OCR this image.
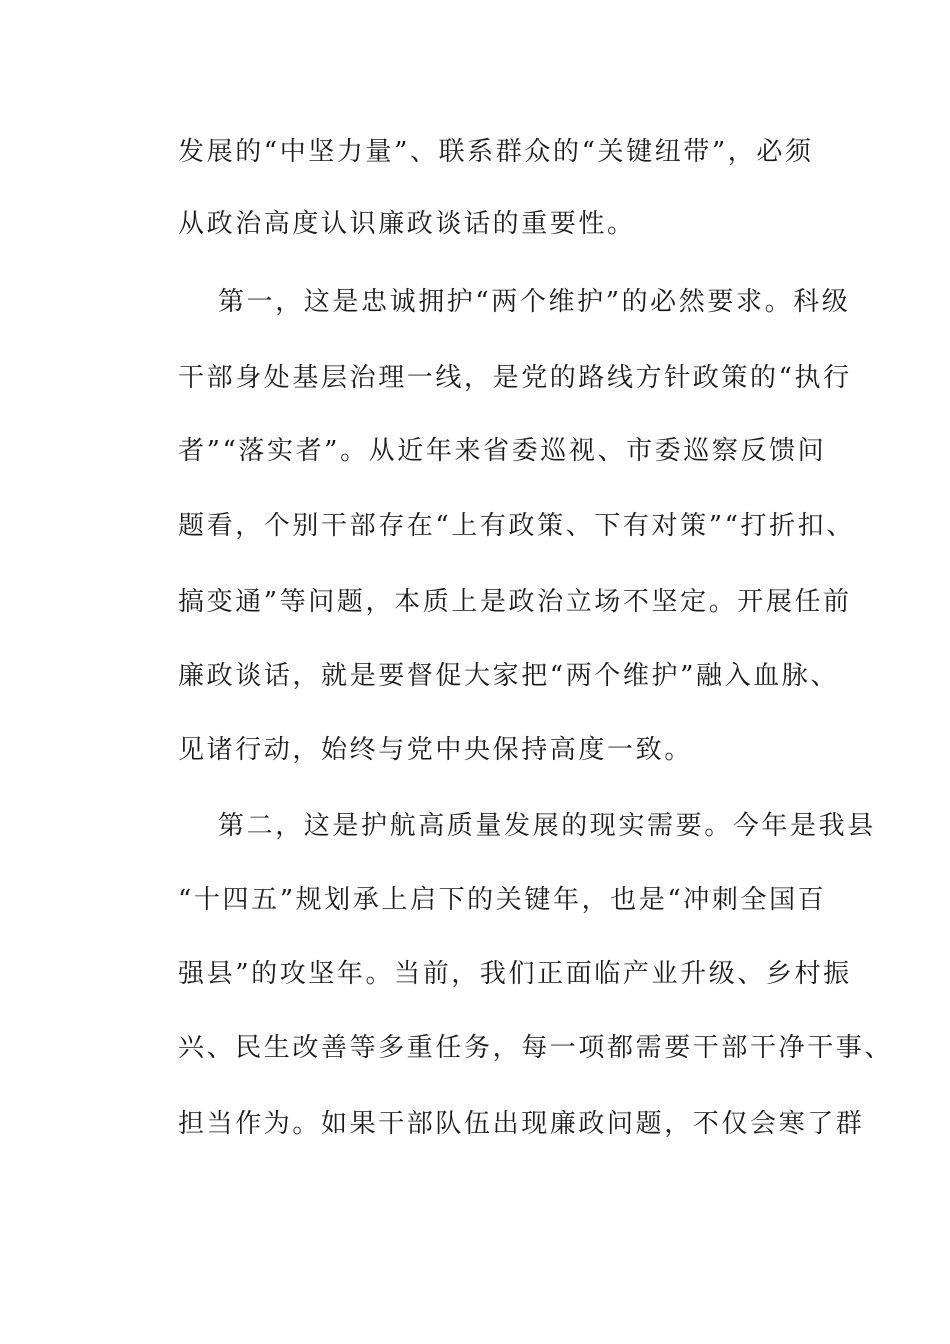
发展的“中坚力量”、联系群众的“关键纽带”，必须
从政治高度认识廉政谈话的重要性。
第一，这是忠诚拥护“两个维护”的必然要求。科级
干部身处基层治理一线，是党的路线方针政策的“执行
者”“落实者”。从近年来省委巡视、市委巡察反馈问
题看，个别干部存在“上有政策、下有对策”“打折扣、
搞变通”等问题，本质上是政治立场不坚定。开展任前
廉政谈话，就是要督促大家把“两个维护”融入血脉、
见诸行动，始终与党中央保持高度一致。
第二，这是护航高质量发展的现实需要。今年是我县
“十四五”规划承上启下的关键年，也是“冲刺全国百
强县”的攻坚年。当前，我们正面临产业升级、乡村振
兴、民生改善等多重任务，每一项都需要干部干净干事、
担当作为。如果干部队伍出现廉政问题，不仅会寒了群
